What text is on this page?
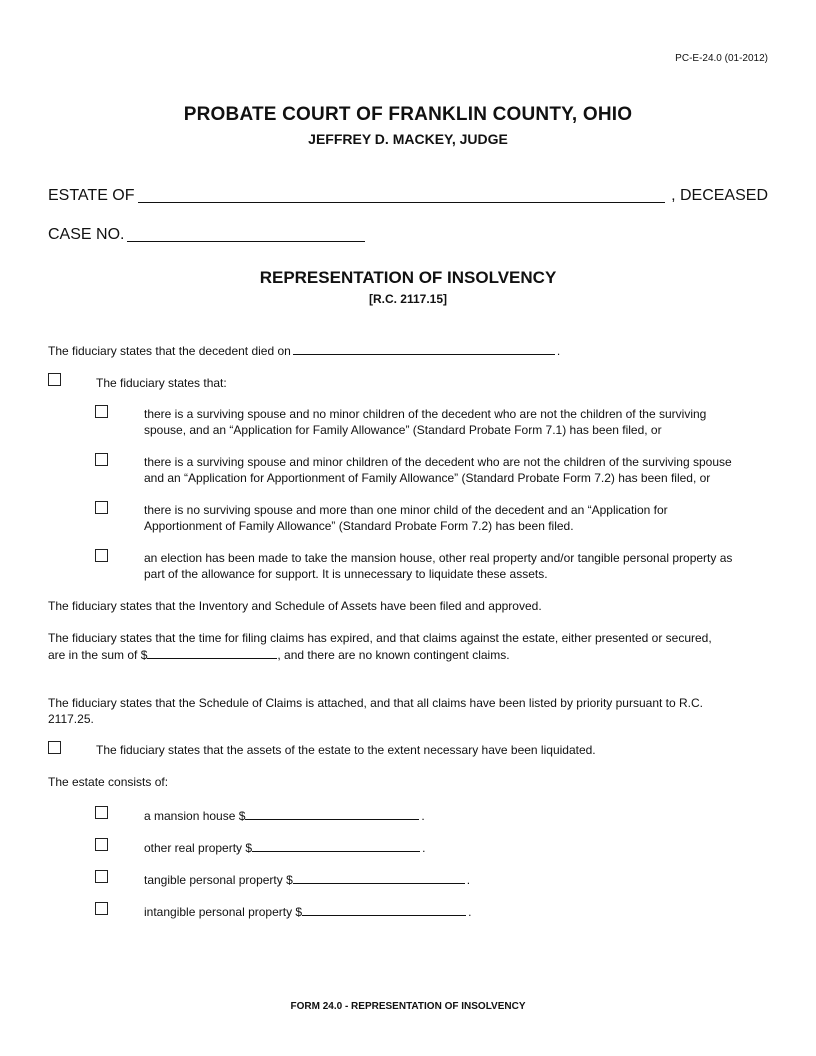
PC-E-24.0 (01-2012)
PROBATE COURT OF FRANKLIN COUNTY, OHIO
JEFFREY D. MACKEY, JUDGE
ESTATE OF	, DECEASED
CASE NO.
REPRESENTATION OF INSOLVENCY
[R.C. 2117.15]
The fiduciary states that the decedent died on	.
The fiduciary states that:
there is a surviving spouse and no minor children of the decedent who are not the children of the surviving
spouse, and an “Application for Family Allowance” (Standard Probate Form 7.1) has been filed, or
there is a surviving spouse and minor children of the decedent who are not the children of the surviving spouse
and an “Application for Apportionment of Family Allowance” (Standard Probate Form 7.2) has been filed, or
there is no surviving spouse and more than one minor child of the decedent and an “Application for
Apportionment of Family Allowance” (Standard Probate Form 7.2) has been filed.
an election has been made to take the mansion house, other real property and/or tangible personal property as
part of the allowance for support. It is unnecessary to liquidate these assets.
The fiduciary states that the Inventory and Schedule of Assets have been filed and approved.
The fiduciary states that the time for filing claims has expired, and that claims against the estate, either presented or secured,
are in the sum of $	, and there are no known contingent claims.
The fiduciary states that the Schedule of Claims is attached, and that all claims have been listed by priority pursuant to R.C.
2117.25.
The fiduciary states that the assets of the estate to the extent necessary have been liquidated.
The estate consists of:
a mansion house $	.
other real property $	.
tangible personal property $	.
intangible personal property $	.
FORM 24.0 - REPRESENTATION OF INSOLVENCY
